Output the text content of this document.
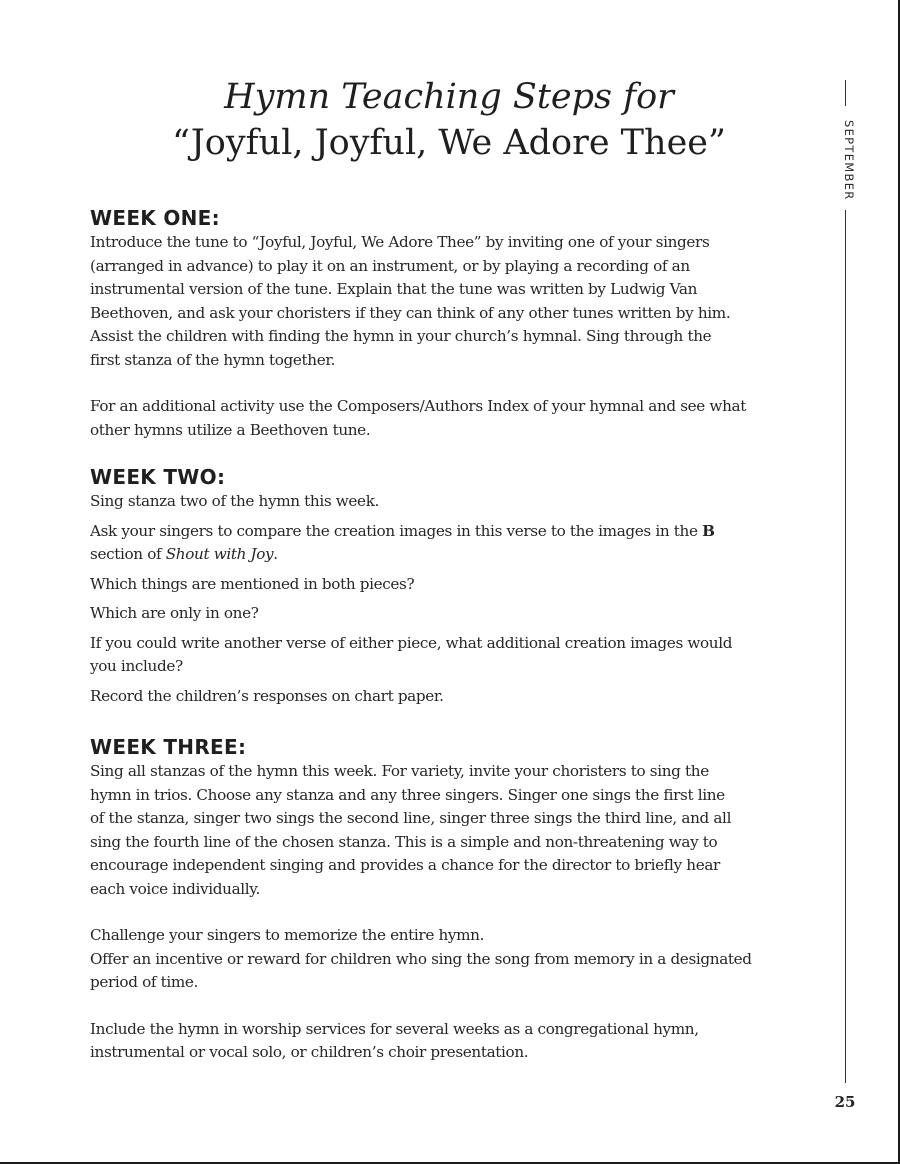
Hymn Teaching Steps for
“Joyful, Joyful, We Adore Thee”
WEEK ONE:

Introduce the tune to “Joyful, Joyful, We Adore Thee” by inviting one of your singers
(arranged in advance) to play it on an instrument, or by playing a recording of an
instrumental version of the tune. Explain that the tune was written by Ludwig Van
Beethoven, and ask your choristers if they can think of any other tunes written by him.
Assist the children with finding the hymn in your church’s hymnal. Sing through the
first stanza of the hymn together.

For an additional activity use the Composers/Authors Index of your hymnal and see what
other hymns utilize a Beethoven tune.

WEEK TWO:

Sing stanza two of the hymn this week.

Ask your singers to compare the creation images in this verse to the images in the B
section of Shout with Joy.

Which things are mentioned in both pieces?

Which are only in one?

If you could write another verse of either piece, what additional creation images would
you include?

Record the children’s responses on chart paper.

WEEK THREE:

Sing all stanzas of the hymn this week. For variety, invite your choristers to sing the
hymn in trios. Choose any stanza and any three singers. Singer one sings the first line
of the stanza, singer two sings the second line, singer three sings the third line, and all
sing the fourth line of the chosen stanza. This is a simple and non-threatening way to
encourage independent singing and provides a chance for the director to briefly hear
each voice individually.

Challenge your singers to memorize the entire hymn.
Offer an incentive or reward for children who sing the song from memory in a designated
period of time.

Include the hymn in worship services for several weeks as a congregational hymn,
instrumental or vocal solo, or children’s choir presentation.

SEPTEMBER
25
